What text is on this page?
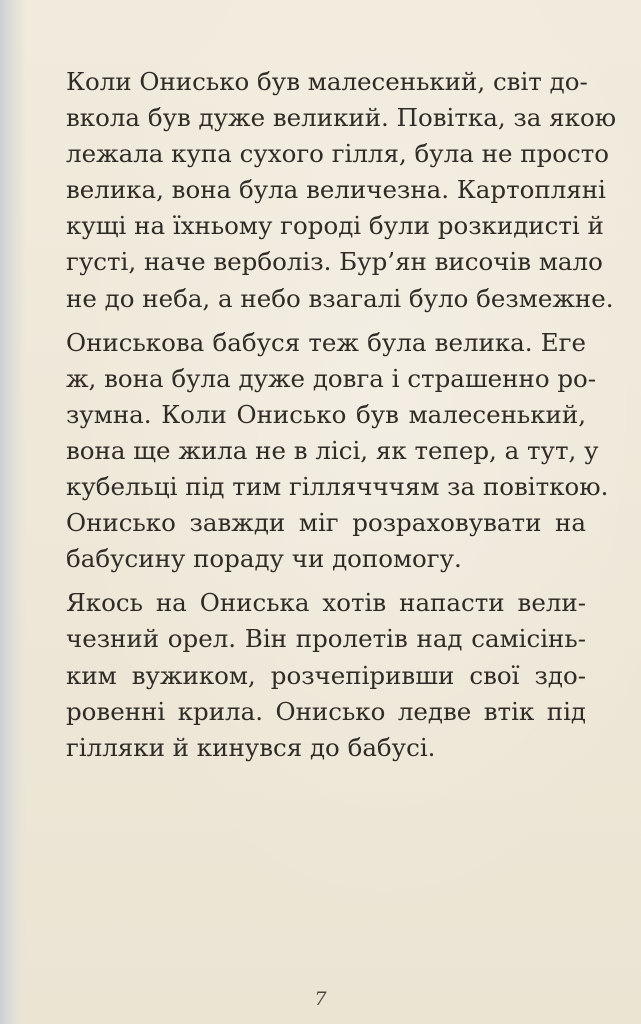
Коли Онисько був малесенький, світ до-
вкола був дуже великий. Повітка, за якою
лежала купа сухого гілля, була не просто
велика, вона була величезна. Картопляні
кущі на їхньому городі були розкидисті й
густі, наче верболіз. Бур’ян височів мало
не до неба, а небо взагалі було безмежне.

Ониськова бабуся теж була велика. Еге
ж, вона була дуже довга і страшенно ро-
зумна. Коли Онисько був малесенький,
вона ще жила не в лісі, як тепер, а тут, у
кубельці під тим гіллячччям за повіткою.
Онисько завжди міг розраховувати на
бабусину пораду чи допомогу.

Якось на Ониська хотів напасти вели-
чезний орел. Він пролетів над самісінь-
ким вужиком, розчепіривши свої здо-
ровенні крила. Онисько ледве втік під
гілляки й кинувся до бабусі.

7
